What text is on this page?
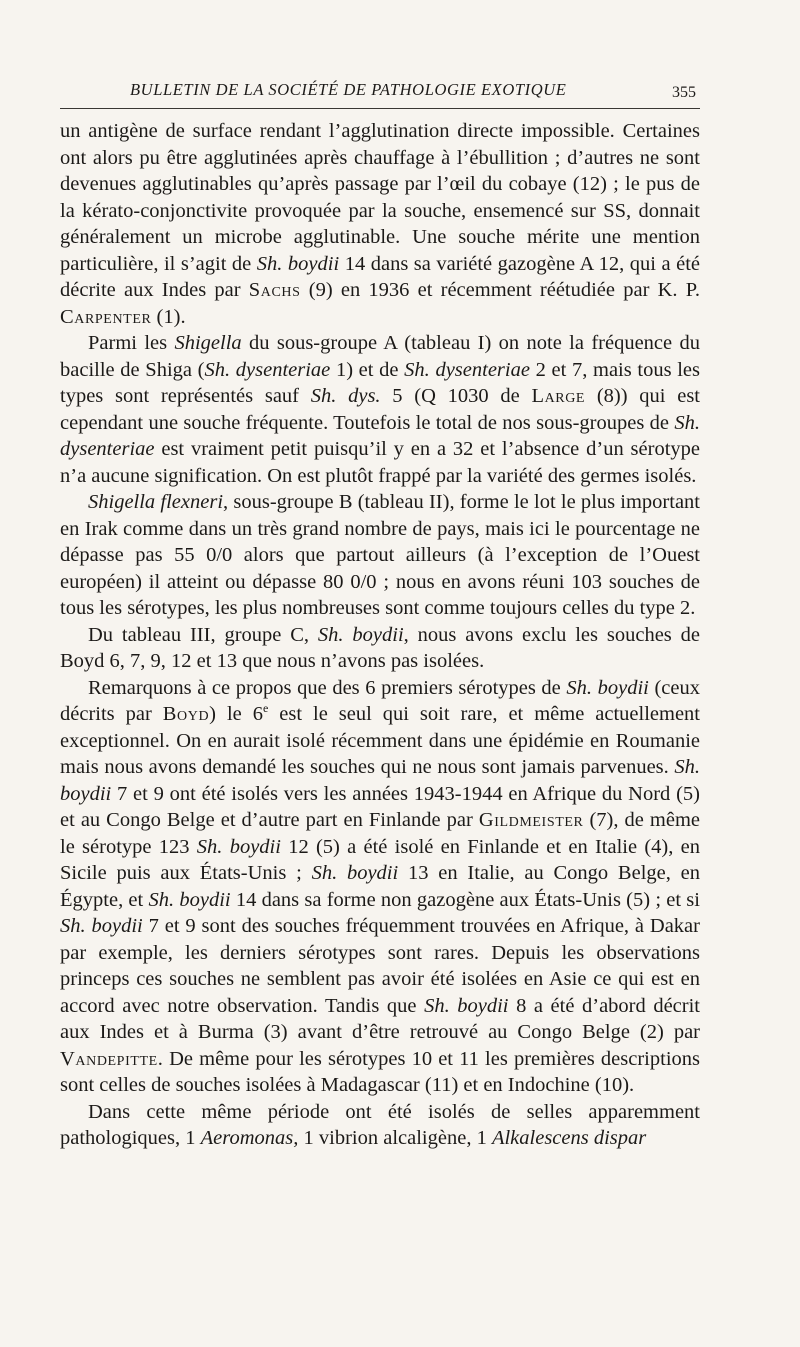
BULLETIN DE LA SOCIÉTÉ DE PATHOLOGIE EXOTIQUE	355

un antigène de surface rendant l’agglutination directe impossible. Certaines ont alors pu être agglutinées après chauffage à l’ébullition ; d’autres ne sont devenues agglutinables qu’après passage par l’œil du cobaye (12) ; le pus de la kérato-conjonctivite provoquée par la souche, ensemencé sur SS, donnait généralement un microbe agglutinable. Une souche mérite une mention particulière, il s’agit de Sh. boydii 14 dans sa variété gazogène A 12, qui a été décrite aux Indes par Sachs (9) en 1936 et récemment réétudiée par K. P. Carpenter (1).

Parmi les Shigella du sous-groupe A (tableau I) on note la fréquence du bacille de Shiga (Sh. dysenteriae 1) et de Sh. dysenteriae 2 et 7, mais tous les types sont représentés sauf Sh. dys. 5 (Q 1030 de Large (8)) qui est cependant une souche fréquente. Toutefois le total de nos sous-groupes de Sh. dysenteriae est vraiment petit puisqu’il y en a 32 et l’absence d’un sérotype n’a aucune signification. On est plutôt frappé par la variété des germes isolés.

Shigella flexneri, sous-groupe B (tableau II), forme le lot le plus important en Irak comme dans un très grand nombre de pays, mais ici le pourcentage ne dépasse pas 55 0/0 alors que partout ailleurs (à l’exception de l’Ouest européen) il atteint ou dépasse 80 0/0 ; nous en avons réuni 103 souches de tous les sérotypes, les plus nombreuses sont comme toujours celles du type 2.

Du tableau III, groupe C, Sh. boydii, nous avons exclu les souches de Boyd 6, 7, 9, 12 et 13 que nous n’avons pas isolées.

Remarquons à ce propos que des 6 premiers sérotypes de Sh. boydii (ceux décrits par Boyd) le 6e est le seul qui soit rare, et même actuellement exceptionnel. On en aurait isolé récemment dans une épidémie en Roumanie mais nous avons demandé les souches qui ne nous sont jamais parvenues. Sh. boydii 7 et 9 ont été isolés vers les années 1943-1944 en Afrique du Nord (5) et au Congo Belge et d’autre part en Finlande par Gildmeister (7), de même le sérotype 123 Sh. boydii 12 (5) a été isolé en Finlande et en Italie (4), en Sicile puis aux États-Unis ; Sh. boydii 13 en Italie, au Congo Belge, en Égypte, et Sh. boydii 14 dans sa forme non gazogène aux États-Unis (5) ; et si Sh. boydii 7 et 9 sont des souches fréquemment trouvées en Afrique, à Dakar par exemple, les derniers sérotypes sont rares. Depuis les observations princeps ces souches ne semblent pas avoir été isolées en Asie ce qui est en accord avec notre observation. Tandis que Sh. boydii 8 a été d’abord décrit aux Indes et à Burma (3) avant d’être retrouvé au Congo Belge (2) par Vandepitte. De même pour les sérotypes 10 et 11 les premières descriptions sont celles de souches isolées à Madagascar (11) et en Indochine (10).

Dans cette même période ont été isolés de selles apparemment pathologiques, 1 Aeromonas, 1 vibrion alcaligène, 1 Alkalescens dispar
